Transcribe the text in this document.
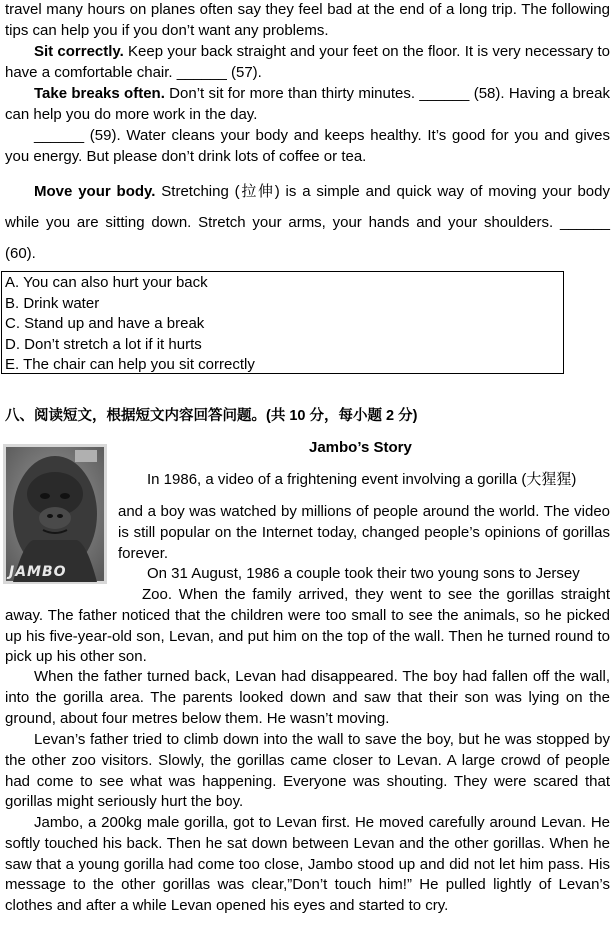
travel many hours on planes often say they feel bad at the end of a long trip. The following tips can help you if you don’t want any problems.

Sit correctly. Keep your back straight and your feet on the floor. It is very necessary to have a comfortable chair. ______ (57).

Take breaks often. Don’t sit for more than thirty minutes. ______ (58). Having a break can help you do more work in the day.

______ (59). Water cleans your body and keeps healthy. It’s good for you and gives you energy. But please don’t drink lots of coffee or tea.

Move your body. Stretching (拉伸) is a simple and quick way of moving your body while you are sitting down. Stretch your arms, your hands and your shoulders. ______ (60).

A. You can also hurt your back
B. Drink water
C. Stand up and have a break
D. Don’t stretch a lot if it hurts
E. The chair can help you sit correctly
八、阅读短文，根据短文内容回答问题。(共 10 分，每小题 2 分)
Jambo’s Story
JAMBO

In 1986, a video of a frightening event involving a gorilla (大猩猩)

and a boy was watched by millions of people around the world. The video is still popular on the Internet today, changed people’s opinions of gorillas forever.

On 31 August, 1986 a couple took their two young sons to Jersey

Zoo. When the family arrived, they went to see the gorillas straight away. The father noticed that the children were too small to see the animals, so he picked up his five-year-old son, Levan, and put him on the top of the wall. Then he turned round to pick up his other son.

When the father turned back, Levan had disappeared. The boy had fallen off the wall, into the gorilla area. The parents looked down and saw that their son was lying on the ground, about four metres below them. He wasn’t moving.

Levan’s father tried to climb down into the wall to save the boy, but he was stopped by the other zoo visitors. Slowly, the gorillas came closer to Levan. A large crowd of people had come to see what was happening. Everyone was shouting. They were scared that gorillas might seriously hurt the boy.

Jambo, a 200kg male gorilla, got to Levan first. He moved carefully around Levan. He softly touched his back. Then he sat down between Levan and the other gorillas. When he saw that a young gorilla had come too close, Jambo stood up and did not let him pass. His message to the other gorillas was clear,”Don’t touch him!” He pulled lightly of Levan’s clothes and after a while Levan opened his eyes and started to cry.
